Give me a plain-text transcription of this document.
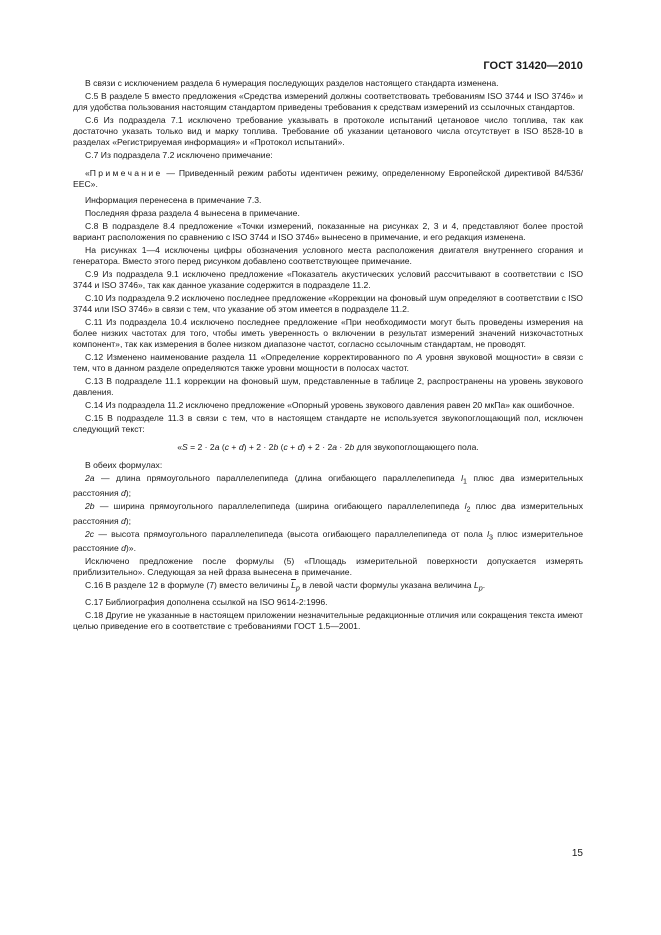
ГОСТ 31420—2010

В связи с исключением раздела 6 нумерация последующих разделов настоящего стандарта изменена.

С.5 В разделе 5 вместо предложения «Средства измерений должны соответствовать требованиям ISO 3744 и ISO 3746» и для удобства пользования настоящим стандартом приведены требования к средствам измерений из ссылочных стандартов.

С.6 Из подраздела 7.1 исключено требование указывать в протоколе испытаний цетановое число топлива, так как достаточно указать только вид и марку топлива. Требование об указании цетанового числа отсутствует в ISO 8528-10 в разделах «Регистрируемая информация» и «Протокол испытаний».

С.7 Из подраздела 7.2 исключено примечание:

«Примечание — Приведенный режим работы идентичен режиму, определенному Европейской директивой 84/536/ЕЕС».

Информация перенесена в примечание 7.3.

Последняя фраза раздела 4 вынесена в примечание.

С.8 В подразделе 8.4 предложение «Точки измерений, показанные на рисунках 2, 3 и 4, представляют более простой вариант расположения по сравнению с ISO 3744 и ISO 3746» вынесено в примечание, и его редакция изменена.

На рисунках 1—4 исключены цифры обозначения условного места расположения двигателя внутреннего сгорания и генератора. Вместо этого перед рисунком добавлено соответствующее примечание.

С.9 Из подраздела 9.1 исключено предложение «Показатель акустических условий рассчитывают в соответствии с ISO 3744 и ISO 3746», так как данное указание содержится в подразделе 11.2.

С.10 Из подраздела 9.2 исключено последнее предложение «Коррекции на фоновый шум определяют в соответствии с ISO 3744 или ISO 3746» в связи с тем, что указание об этом имеется в подразделе 11.2.

С.11 Из подраздела 10.4 исключено последнее предложение «При необходимости могут быть проведены измерения на более низких частотах для того, чтобы иметь уверенность о включении в результат измерений значений низкочастотных компонент», так как измерения в более низком диапазоне частот, согласно ссылочным стандартам, не проводят.

С.12 Изменено наименование раздела 11 «Определение корректированного по А уровня звуковой мощности» в связи с тем, что в данном разделе определяются также уровни мощности в полосах частот.

С.13 В подразделе 11.1 коррекции на фоновый шум, представленные в таблице 2, распространены на уровень звукового давления.

С.14 Из подраздела 11.2 исключено предложение «Опорный уровень звукового давления равен 20 мкПа» как ошибочное.

С.15 В подразделе 11.3 в связи с тем, что в настоящем стандарте не используется звукопоглощающий пол, исключен следующий текст:

«S = 2 · 2a (c + d) + 2 · 2b (c + d) + 2 · 2a · 2b для звукопоглощающего пола.

В обеих формулах:

2a — длина прямоугольного параллелепипеда (длина огибающего параллелепипеда $l_1$ плюс два измерительных расстояния d);

2b — ширина прямоугольного параллелепипеда (ширина огибающего параллелепипеда $l_2$ плюс два измерительных расстояния d);

2c — высота прямоугольного параллелепипеда (высота огибающего параллелепипеда от пола $l_3$ плюс измерительное расстояние d)».

Исключено предложение после формулы (5) «Площадь измерительной поверхности допускается измерять приблизительно». Следующая за ней фраза вынесена в примечание.

С.16 В разделе 12 в формуле (7) вместо величины $\overline{L}_p$ в левой части формулы указана величина $L_p$.

С.17 Библиография дополнена ссылкой на ISO 9614-2:1996.

С.18 Другие не указанные в настоящем приложении незначительные редакционные отличия или сокращения текста имеют целью приведение его в соответствие с требованиями ГОСТ 1.5—2001.

15
